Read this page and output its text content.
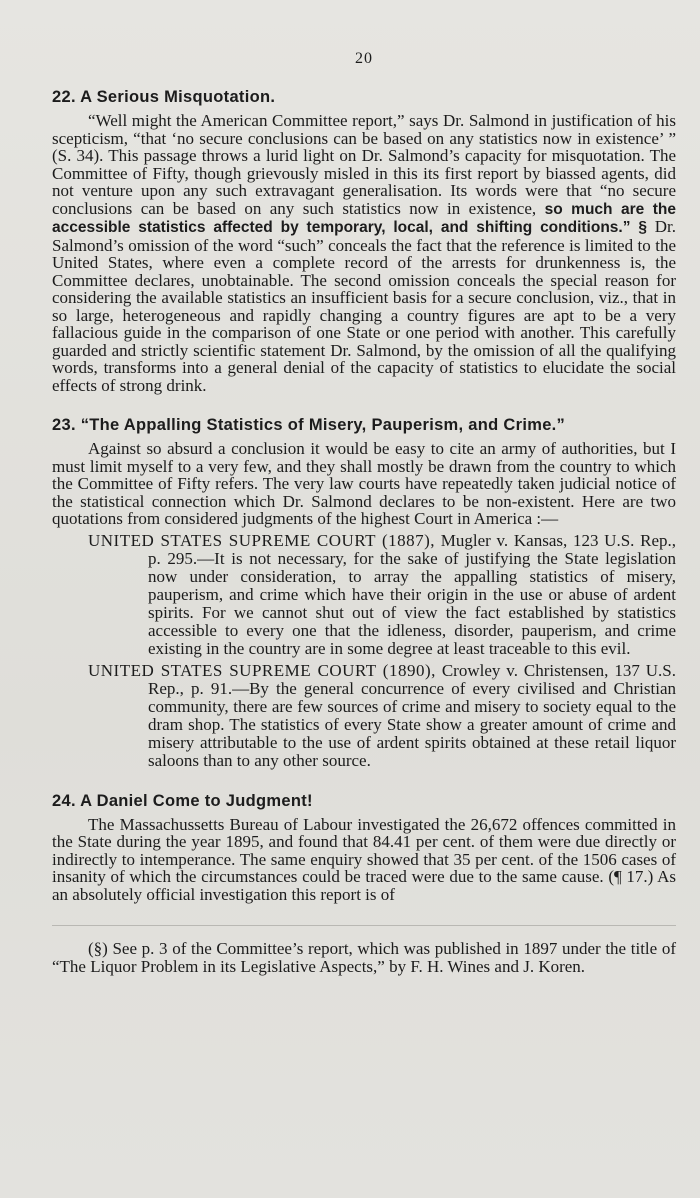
20
22. A Serious Misquotation.

“Well might the American Committee report,” says Dr. Salmond in justification of his scepticism, “that ‘no secure conclusions can be based on any statistics now in existence’ ” (S. 34). This passage throws a lurid light on Dr. Salmond’s capacity for misquotation. The Committee of Fifty, though grievously misled in this its first report by biassed agents, did not venture upon any such extravagant generalisation. Its words were that “no secure conclusions can be based on any such statistics now in existence, so much are the accessible statistics affected by temporary, local, and shifting conditions.” § Dr. Salmond’s omission of the word “such” conceals the fact that the reference is limited to the United States, where even a complete record of the arrests for drunkenness is, the Committee declares, unobtainable. The second omission conceals the special reason for considering the available statistics an insufficient basis for a secure conclusion, viz., that in so large, heterogeneous and rapidly changing a country figures are apt to be a very fallacious guide in the comparison of one State or one period with another. This carefully guarded and strictly scientific statement Dr. Salmond, by the omission of all the qualifying words, transforms into a general denial of the capacity of statistics to elucidate the social effects of strong drink.

23. “The Appalling Statistics of Misery, Pauperism, and Crime.”

Against so absurd a conclusion it would be easy to cite an army of authorities, but I must limit myself to a very few, and they shall mostly be drawn from the country to which the Committee of Fifty refers. The very law courts have repeatedly taken judicial notice of the statistical connection which Dr. Salmond declares to be non-existent. Here are two quotations from considered judgments of the highest Court in America :—

UNITED STATES SUPREME COURT (1887), Mugler v. Kansas, 123 U.S. Rep., p. 295.—It is not necessary, for the sake of justifying the State legislation now under consideration, to array the appalling statistics of misery, pauperism, and crime which have their origin in the use or abuse of ardent spirits. For we cannot shut out of view the fact established by statistics accessible to every one that the idleness, disorder, pauperism, and crime existing in the country are in some degree at least traceable to this evil.

UNITED STATES SUPREME COURT (1890), Crowley v. Christensen, 137 U.S. Rep., p. 91.—By the general concurrence of every civilised and Christian community, there are few sources of crime and misery to society equal to the dram shop. The statistics of every State show a greater amount of crime and misery attributable to the use of ardent spirits obtained at these retail liquor saloons than to any other source.

24. A Daniel Come to Judgment!

The Massachussetts Bureau of Labour investigated the 26,672 offences committed in the State during the year 1895, and found that 84.41 per cent. of them were due directly or indirectly to intemperance. The same enquiry showed that 35 per cent. of the 1506 cases of insanity of which the circumstances could be traced were due to the same cause. (¶ 17.) As an absolutely official investigation this report is of

(§) See p. 3 of the Committee’s report, which was published in 1897 under the title of “The Liquor Problem in its Legislative Aspects,” by F. H. Wines and J. Koren.
